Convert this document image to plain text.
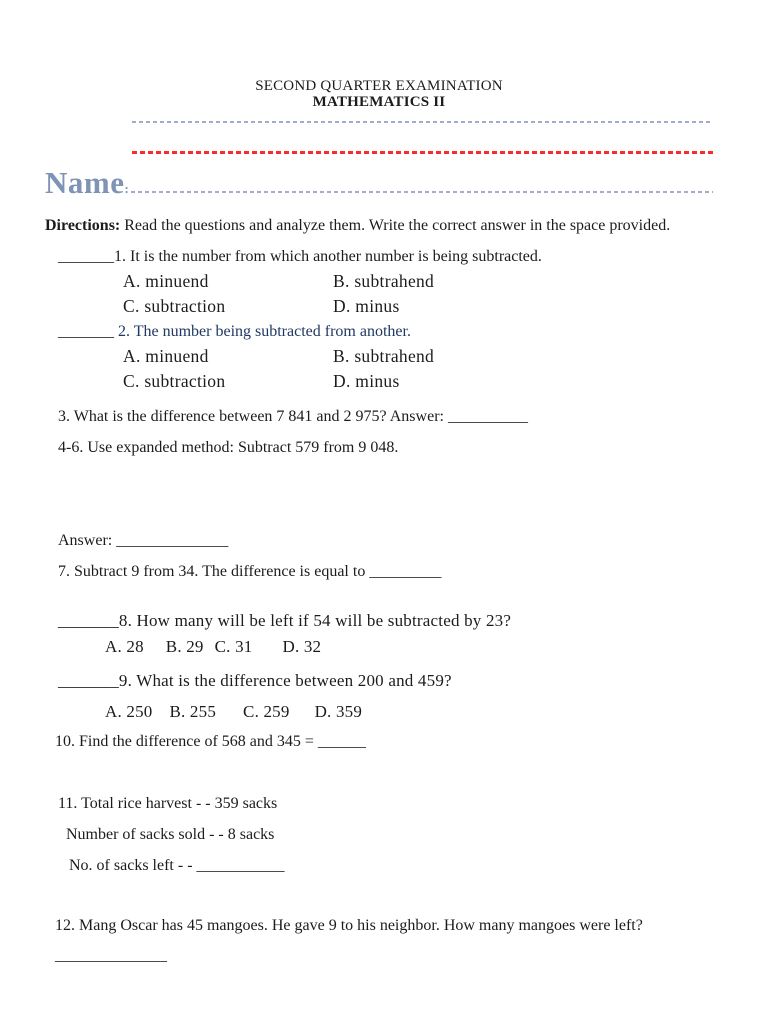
SECOND QUARTER EXAMINATION
MATHEMATICS II
Name :

Directions: Read the questions and analyze them. Write the correct answer in the space provided.

_______1. It is the number from which another number is being subtracted.

A. minuend	B. subtrahend
C. subtraction	D. minus

_______ 2. The number being subtracted from another.

A. minuend	B. subtrahend
C. subtraction	D. minus

3. What is the difference between 7 841 and 2 975? Answer: __________

4-6. Use expanded method: Subtract 579 from 9 048.

Answer: ______________

7. Subtract 9 from 34. The difference is equal to _________

_______8. How many will be left if 54 will be subtracted by 23?

A. 28 B. 29 C. 31 D. 32

_______9. What is the difference between 200 and 459?

A. 250 B. 255 C. 259 D. 359

10. Find the difference of 568 and 345 = ______

11. Total rice harvest - - 359 sacks

Number of sacks sold - - 8 sacks

No. of sacks left - - ___________

12. Mang Oscar has 45 mangoes. He gave 9 to his neighbor. How many mangoes were left?

______________
